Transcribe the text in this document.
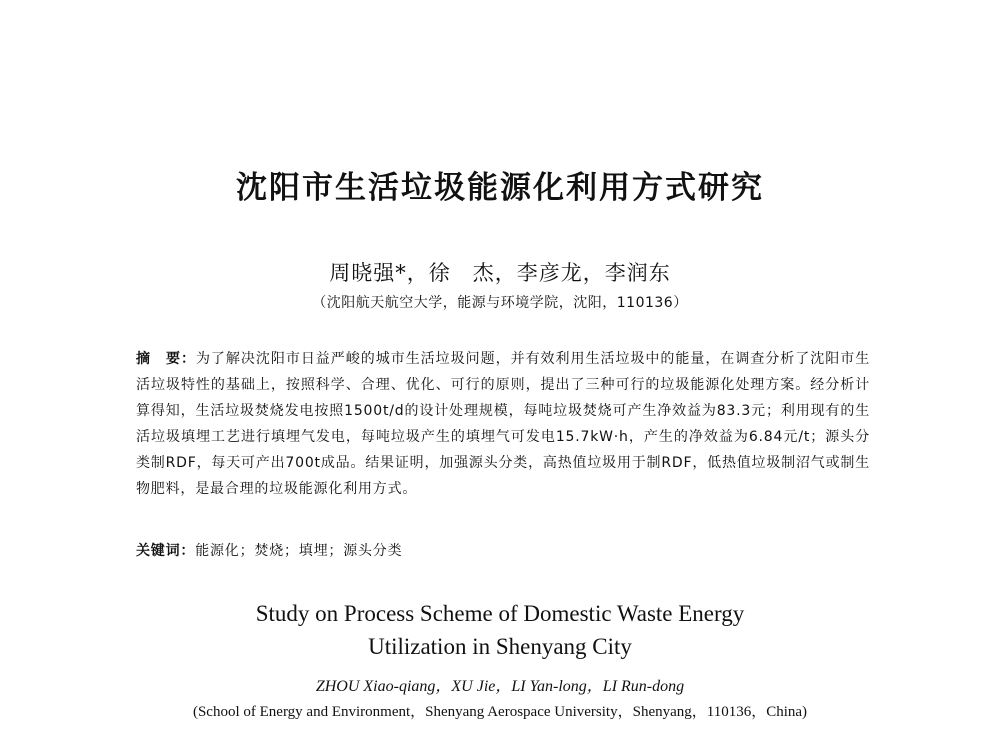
沈阳市生活垃圾能源化利用方式研究
周晓强*，徐　杰，李彦龙，李润东
（沈阳航天航空大学，能源与环境学院，沈阳，110136）
摘　要：为了解决沈阳市日益严峻的城市生活垃圾问题，并有效利用生活垃圾中的能量，在调查分析了沈阳市生活垃圾特性的基础上，按照科学、合理、优化、可行的原则，提出了三种可行的垃圾能源化处理方案。经分析计算得知，生活垃圾焚烧发电按照1500t/d的设计处理规模，每吨垃圾焚烧可产生净效益为83.3元；利用现有的生活垃圾填埋工艺进行填埋气发电，每吨垃圾产生的填埋气可发电15.7kW·h，产生的净效益为6.84元/t；源头分类制RDF，每天可产出700t成品。结果证明，加强源头分类，高热值垃圾用于制RDF，低热值垃圾制沼气或制生物肥料，是最合理的垃圾能源化利用方式。
关键词：能源化；焚烧；填埋；源头分类
Study on Process Scheme of Domestic Waste Energy
Utilization in Shenyang City
ZHOU Xiao-qiang，XU Jie，LI Yan-long，LI Run-dong
(School of Energy and Environment，Shenyang Aerospace University，Shenyang，110136，China)
